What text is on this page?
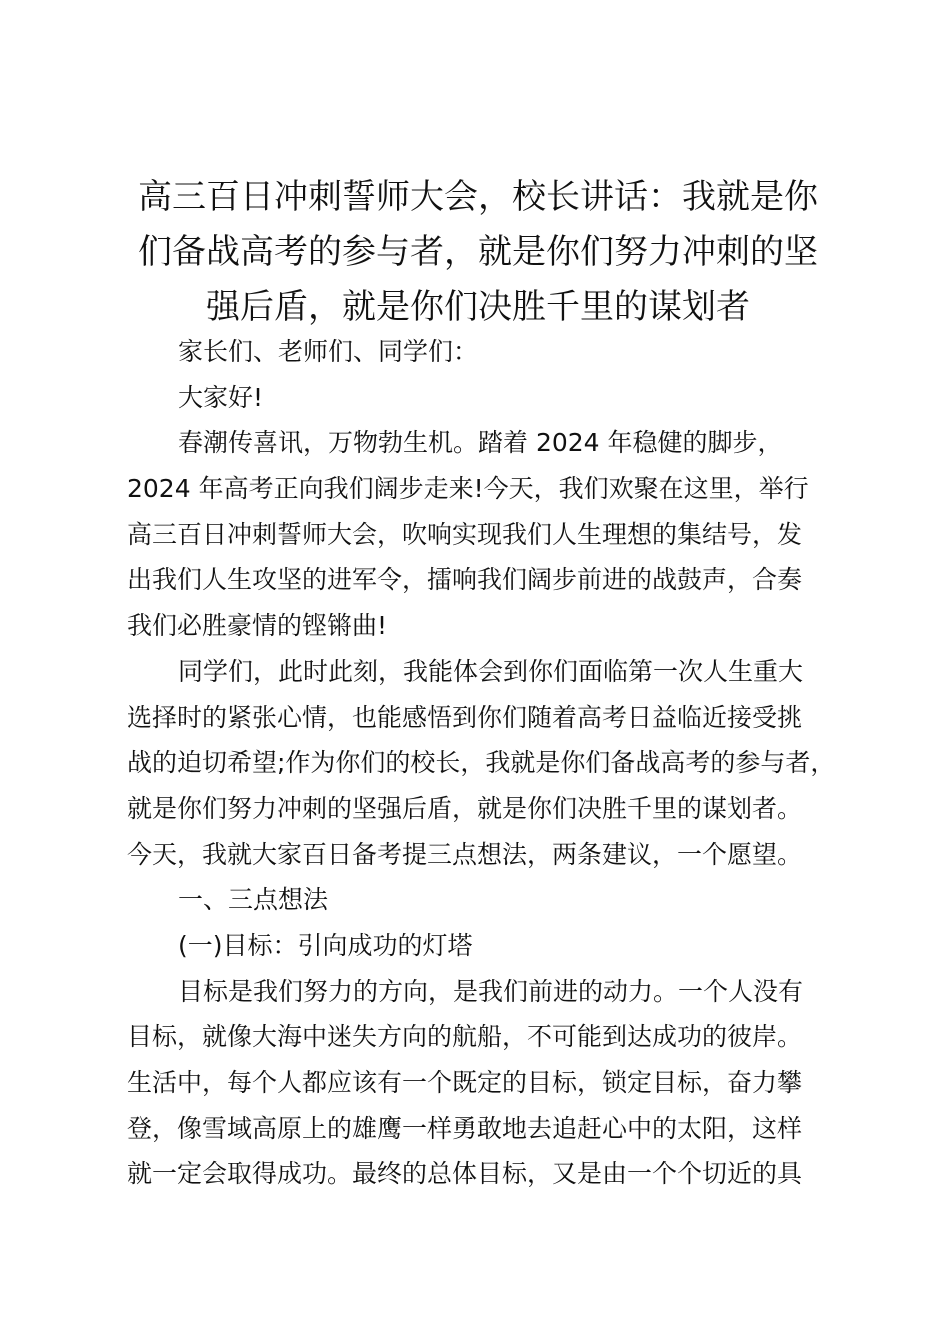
高三百日冲刺誓师大会，校长讲话：我就是你
们备战高考的参与者，就是你们努力冲刺的坚
强后盾，就是你们决胜千里的谋划者
家长们、老师们、同学们：
大家好!
春潮传喜讯，万物勃生机。踏着 2024 年稳健的脚步，
2024 年高考正向我们阔步走来!今天，我们欢聚在这里，举行
高三百日冲刺誓师大会，吹响实现我们人生理想的集结号，发
出我们人生攻坚的进军令，擂响我们阔步前进的战鼓声，合奏
我们必胜豪情的铿锵曲!
同学们，此时此刻，我能体会到你们面临第一次人生重大
选择时的紧张心情，也能感悟到你们随着高考日益临近接受挑
战的迫切希望;作为你们的校长，我就是你们备战高考的参与者，
就是你们努力冲刺的坚强后盾，就是你们决胜千里的谋划者。
今天，我就大家百日备考提三点想法，两条建议，一个愿望。
一、三点想法
(一)目标：引向成功的灯塔
目标是我们努力的方向，是我们前进的动力。一个人没有
目标，就像大海中迷失方向的航船，不可能到达成功的彼岸。
生活中，每个人都应该有一个既定的目标，锁定目标，奋力攀
登，像雪域高原上的雄鹰一样勇敢地去追赶心中的太阳，这样
就一定会取得成功。最终的总体目标，又是由一个个切近的具
